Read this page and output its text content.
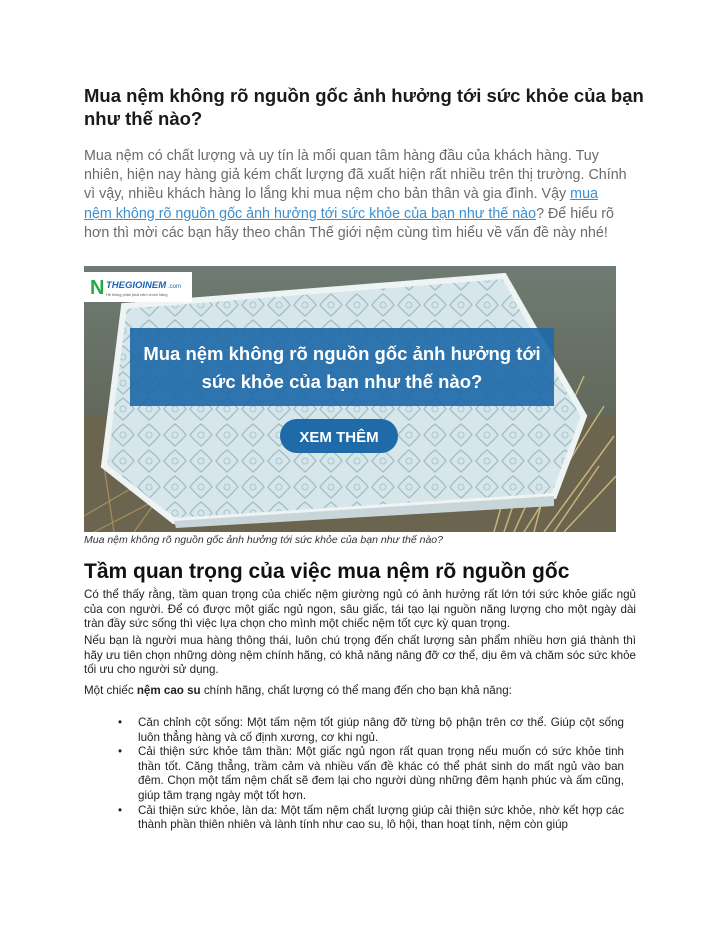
Mua nệm không rõ nguồn gốc ảnh hưởng tới sức khỏe của bạn như thế nào?

Mua nệm có chất lượng và uy tín là mối quan tâm hàng đầu của khách hàng. Tuy nhiên, hiện nay hàng giả kém chất lượng đã xuất hiện rất nhiều trên thị trường. Chính vì vậy, nhiều khách hàng lo lắng khi mua nệm cho bản thân và gia đình. Vậy mua nệm không rõ nguồn gốc ảnh hưởng tới sức khỏe của bạn như thế nào? Để hiểu rõ hơn thì mời các bạn hãy theo chân Thế giới nệm cùng tìm hiểu về vấn đề này nhé!

N THEGIOINEM .com
Hệ thống phân phối nệm chính hãng
Mua nệm không rõ nguồn gốc ảnh hưởng tới
sức khỏe của bạn như thế nào?
XEM THÊM

Mua nệm không rõ nguồn gốc ảnh hưởng tới sức khỏe của bạn như thế nào?

Tầm quan trọng của việc mua nệm rõ nguồn gốc

Có thể thấy rằng, tầm quan trọng của chiếc nệm giường ngủ có ảnh hưởng rất lớn tới sức khỏe giấc ngủ của con người. Để có được một giấc ngủ ngon, sâu giấc, tái tạo lại nguồn năng lượng cho một ngày dài tràn đầy sức sống thì việc lựa chọn cho mình một chiếc nệm tốt cực kỳ quan trọng.

Nếu bạn là người mua hàng thông thái, luôn chú trọng đến chất lượng sản phẩm nhiều hơn giá thành thì hãy ưu tiên chọn những dòng nệm chính hãng, có khả năng nâng đỡ cơ thể, dịu êm và chăm sóc sức khỏe tối ưu cho người sử dụng.

Một chiếc nệm cao su chính hãng, chất lượng có thể mang đến cho bạn khả năng:

• Căn chỉnh cột sống: Một tấm nệm tốt giúp nâng đỡ từng bộ phận trên cơ thể. Giúp cột sống luôn thẳng hàng và cố định xương, cơ khi ngủ.
• Cải thiện sức khỏe tâm thần: Một giấc ngủ ngon rất quan trọng nếu muốn có sức khỏe tinh thần tốt. Căng thẳng, trầm cảm và nhiều vấn đề khác có thể phát sinh do mất ngủ vào ban đêm. Chọn một tấm nệm chất sẽ đem lại cho người dùng những đêm hạnh phúc và ấm cũng, giúp tâm trạng ngày một tốt hơn.
• Cải thiện sức khỏe, làn da: Một tấm nệm chất lượng giúp cải thiện sức khỏe, nhờ kết hợp các thành phần thiên nhiên và lành tính như cao su, lô hội, than hoạt tính, nệm còn giúp
